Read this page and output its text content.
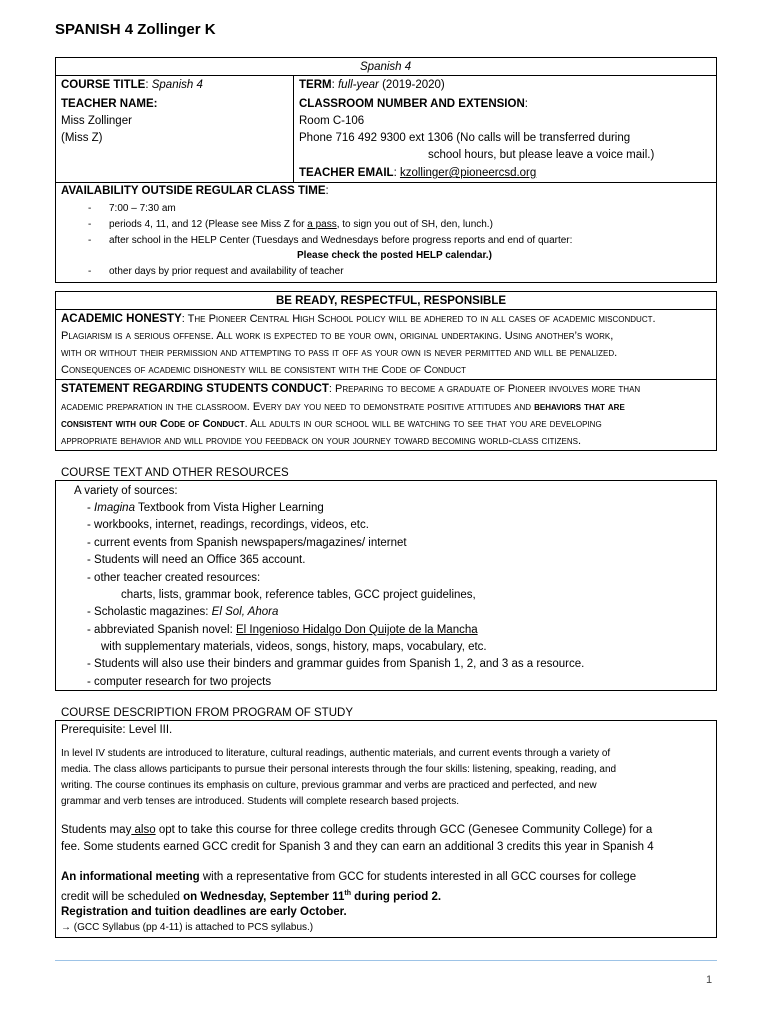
SPANISH 4 Zollinger K
Spanish 4
COURSE TITLE: Spanish 4	TERM: full-year (2019-2020)
TEACHER NAME:
Miss Zollinger
(Miss Z)
CLASSROOM NUMBER AND EXTENSION:
Room C-106
Phone 716 492 9300 ext 1306 (No calls will be transferred during
school hours, but please leave a voice mail.)
TEACHER EMAIL: kzollinger@pioneercsd.org
AVAILABILITY OUTSIDE REGULAR CLASS TIME:
- 7:00 – 7:30 am
- periods 4, 11, and 12 (Please see Miss Z for a pass, to sign you out of SH, den, lunch.)
- after school in the HELP Center (Tuesdays and Wednesdays before progress reports and end of quarter:
Please check the posted HELP calendar.)
- other days by prior request and availability of teacher
BE READY, RESPECTFUL, RESPONSIBLE
ACADEMIC HONESTY: The Pioneer Central High School policy will be adhered to in all cases of academic misconduct.
Plagiarism is a serious offense. All work is expected to be your own, original undertaking. Using another’s work,
with or without their permission and attempting to pass it off as your own is never permitted and will be penalized.
Consequences of academic dishonesty will be consistent with the Code of Conduct
STATEMENT REGARDING STUDENTS CONDUCT: Preparing to become a graduate of Pioneer involves more than
academic preparation in the classroom. Every day you need to demonstrate positive attitudes and behaviors that are
consistent with our Code of Conduct. All adults in our school will be watching to see that you are developing
appropriate behavior and will provide you feedback on your journey toward becoming world-class citizens.
COURSE TEXT AND OTHER RESOURCES
A variety of sources:
- Imagina Textbook from Vista Higher Learning
- workbooks, internet, readings, recordings, videos, etc.
- current events from Spanish newspapers/magazines/ internet
- Students will need an Office 365 account.
- other teacher created resources:
charts, lists, grammar book, reference tables, GCC project guidelines,
- Scholastic magazines: El Sol, Ahora
- abbreviated Spanish novel: El Ingenioso Hidalgo Don Quijote de la Mancha
with supplementary materials, videos, songs, history, maps, vocabulary, etc.
- Students will also use their binders and grammar guides from Spanish 1, 2, and 3 as a resource.
- computer research for two projects
COURSE DESCRIPTION FROM PROGRAM OF STUDY
Prerequisite: Level III.
In level IV students are introduced to literature, cultural readings, authentic materials, and current events through a variety of
media. The class allows participants to pursue their personal interests through the four skills: listening, speaking, reading, and
writing. The course continues its emphasis on culture, previous grammar and verbs are practiced and perfected, and new
grammar and verb tenses are introduced. Students will complete research based projects.
Students may also opt to take this course for three college credits through GCC (Genesee Community College) for a
fee. Some students earned GCC credit for Spanish 3 and they can earn an additional 3 credits this year in Spanish 4
An informational meeting with a representative from GCC for students interested in all GCC courses for college
credit will be scheduled on Wednesday, September 11th during period 2.
Registration and tuition deadlines are early October.
→ (GCC Syllabus (pp 4-11) is attached to PCS syllabus.)
1
